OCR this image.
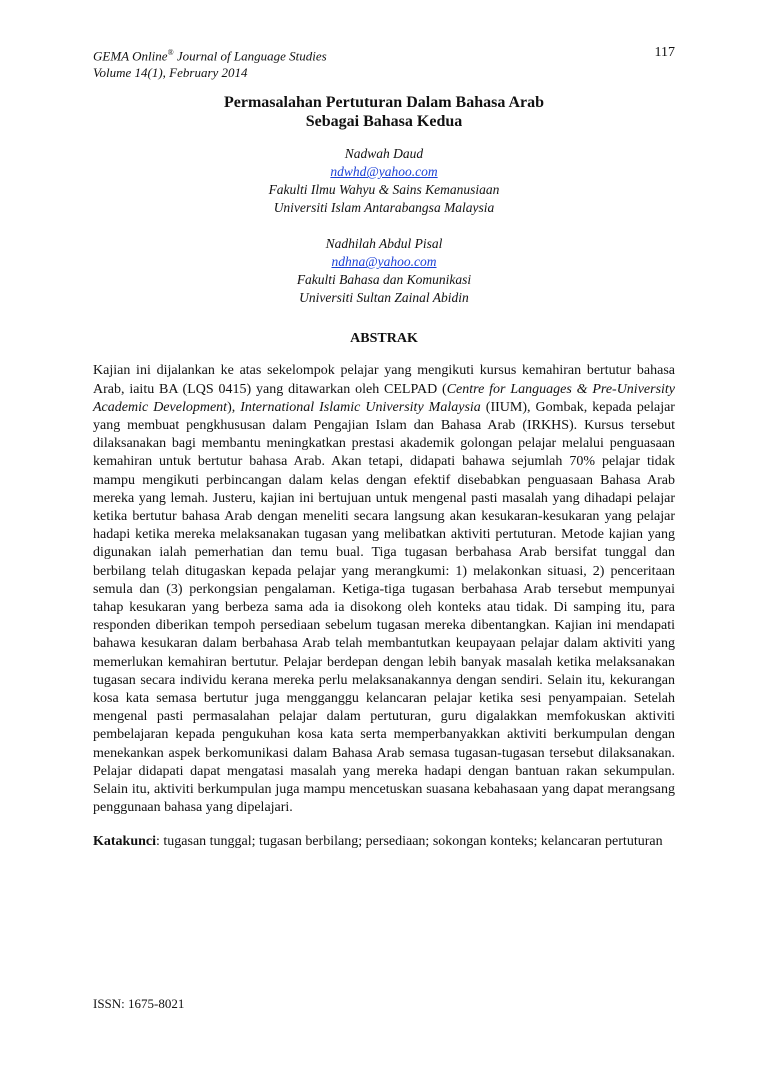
GEMA Online® Journal of Language Studies
Volume 14(1), February 2014
117
Permasalahan Pertuturan Dalam Bahasa Arab
Sebagai Bahasa Kedua
Nadwah Daud
ndwhd@yahoo.com
Fakulti Ilmu Wahyu & Sains Kemanusiaan
Universiti Islam Antarabangsa Malaysia
Nadhilah Abdul Pisal
ndhna@yahoo.com
Fakulti Bahasa dan Komunikasi
Universiti Sultan Zainal Abidin
ABSTRAK
Kajian ini dijalankan ke atas sekelompok pelajar yang mengikuti kursus kemahiran bertutur bahasa Arab, iaitu BA (LQS 0415) yang ditawarkan oleh CELPAD (Centre for Languages & Pre-University Academic Development), International Islamic University Malaysia (IIUM), Gombak, kepada pelajar yang membuat pengkhususan dalam Pengajian Islam dan Bahasa Arab (IRKHS). Kursus tersebut dilaksanakan bagi membantu meningkatkan prestasi akademik golongan pelajar melalui penguasaan kemahiran untuk bertutur bahasa Arab. Akan tetapi, didapati bahawa sejumlah 70% pelajar tidak mampu mengikuti perbincangan dalam kelas dengan efektif disebabkan penguasaan Bahasa Arab mereka yang lemah. Justeru, kajian ini bertujuan untuk mengenal pasti masalah yang dihadapi pelajar ketika bertutur bahasa Arab dengan meneliti secara langsung akan kesukaran-kesukaran yang pelajar hadapi ketika mereka melaksanakan tugasan yang melibatkan aktiviti pertuturan. Metode kajian yang digunakan ialah pemerhatian dan temu bual. Tiga tugasan berbahasa Arab bersifat tunggal dan berbilang telah ditugaskan kepada pelajar yang merangkumi: 1) melakonkan situasi, 2) penceritaan semula dan (3) perkongsian pengalaman. Ketiga-tiga tugasan berbahasa Arab tersebut mempunyai tahap kesukaran yang berbeza sama ada ia disokong oleh konteks atau tidak. Di samping itu, para responden diberikan tempoh persediaan sebelum tugasan mereka dibentangkan. Kajian ini mendapati bahawa kesukaran dalam berbahasa Arab telah membantutkan keupayaan pelajar dalam aktiviti yang memerlukan kemahiran bertutur. Pelajar berdepan dengan lebih banyak masalah ketika melaksanakan tugasan secara individu kerana mereka perlu melaksanakannya dengan sendiri. Selain itu, kekurangan kosa kata semasa bertutur juga mengganggu kelancaran pelajar ketika sesi penyampaian. Setelah mengenal pasti permasalahan pelajar dalam pertuturan, guru digalakkan memfokuskan aktiviti pembelajaran kepada pengukuhan kosa kata serta memperbanyakkan aktiviti berkumpulan dengan menekankan aspek berkomunikasi dalam Bahasa Arab semasa tugasan-tugasan tersebut dilaksanakan. Pelajar didapati dapat mengatasi masalah yang mereka hadapi dengan bantuan rakan sekumpulan. Selain itu, aktiviti berkumpulan juga mampu mencetuskan suasana kebahasaan yang dapat merangsang penggunaan bahasa yang dipelajari.
Katakunci: tugasan tunggal; tugasan berbilang; persediaan; sokongan konteks; kelancaran pertuturan
ISSN: 1675-8021
